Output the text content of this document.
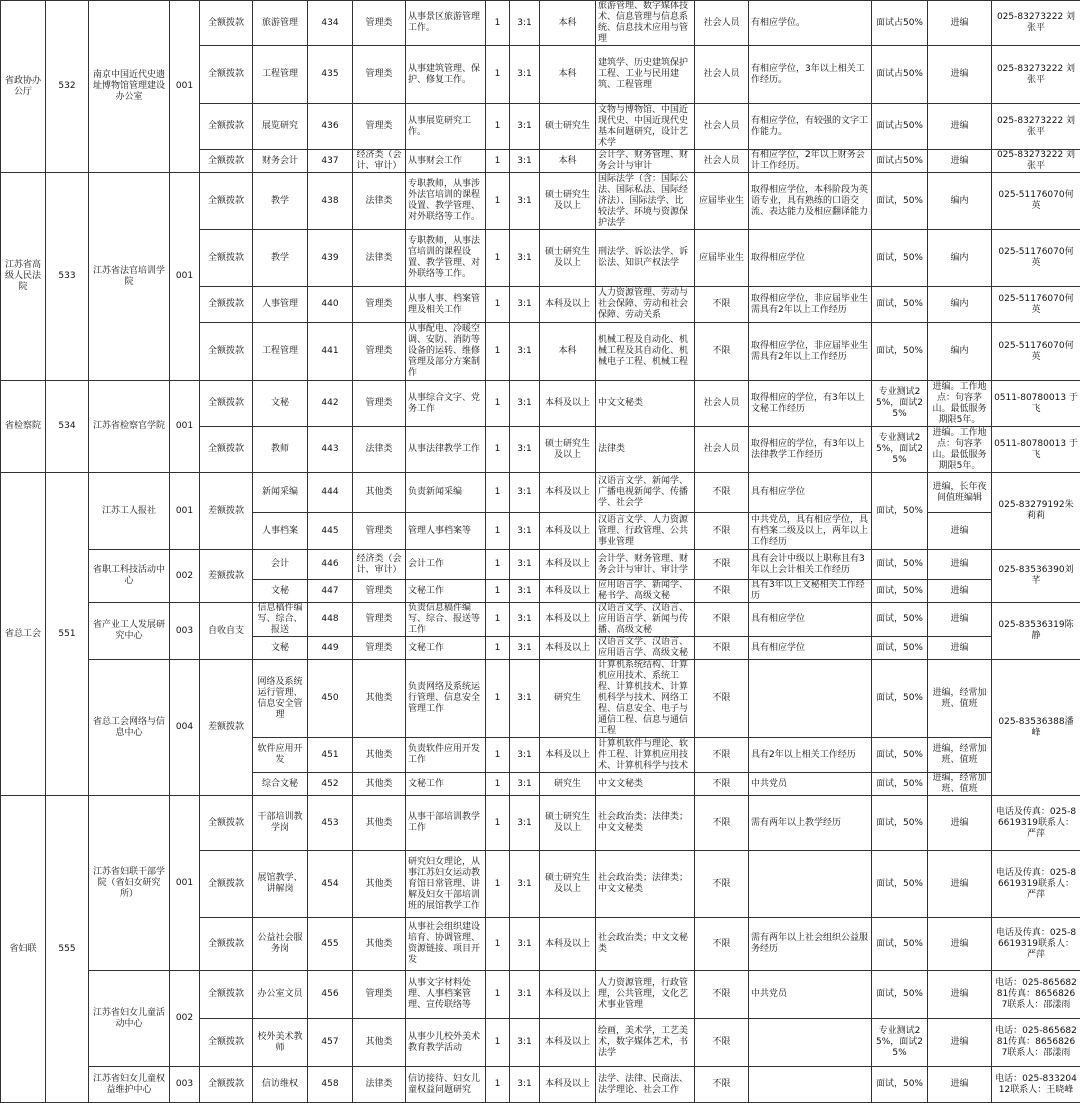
省政协办公厅	532	南京中国近代史遗址博物馆管理建设办公室	001	全额拨款	旅游管理	434	管理类	从事景区旅游管理工作。	1	3:1	本科	旅游管理、数字媒体技术、信息管理与信息系统、信息技术应用与管理	社会人员	有相应学位。	面试占50%	进编	025-83273222 刘张平
				全额拨款	工程管理	435	管理类	从事建筑管理、保护、修复工作。	1	3:1	本科	建筑学、历史建筑保护工程、工业与民用建筑、工程管理	社会人员	有相应学位，3年以上相关工作经历。	面试占50%	进编	025-83273222 刘张平
				全额拨款	展览研究	436	管理类	从事展览研究工作。	1	3:1	硕士研究生	文物与博物馆、中国近现代史、中国近现代史基本问题研究，设计艺术学	社会人员	有相应学位，有较强的文字工作能力。	面试占50%	进编	025-83273222 刘张平
				全额拨款	财务会计	437	经济类（会计、审计）	从事财会工作	1	3:1	本科	会计学、财务管理、财务会计与审计	社会人员	有相应学位，2年以上财务会计工作经历。	面试占50%	进编	025-83273222 刘张平
江苏省高级人民法院	533	江苏省法官培训学院	001	全额拨款	教学	438	法律类	专职教师，从事涉外法官培训的课程设置、教学管理、对外联络等工作。	1	3:1	硕士研究生及以上	国际法学（含：国际公法、国际私法、国际经济法）、国际法学、比较法学、环境与资源保护法学	应届毕业生	取得相应学位，本科阶段为英语专业，具有熟练的口语交流、表达能力及相应翻译能力	面试，50%	编内	025-51176070何英
				全额拨款	教学	439	法律类	专职教师，从事法官培训的课程设置、教学管理、对外联络等工作。	1	3:1	硕士研究生及以上	刑法学、诉讼法学、诉讼法、知识产权法学	应届毕业生	取得相应学位	面试，50%	编内	025-51176070何英
				全额拨款	人事管理	440	管理类	从事人事、档案管理及相关工作	1	3:1	本科及以上	人力资源管理、劳动与社会保障、劳动和社会保障、劳动关系	不限	取得相应学位，非应届毕业生需具有2年以上工作经历	面试，50%	编内	025-51176070何英
				全额拨款	工程管理	441	管理类	从事配电、冷暖空调、安防、消防等设备的运转、维修管理及部分方案制作	1	3:1	本科	机械工程及自动化、机械工程及其自动化、机械电子工程、机械工程	不限	取得相应学位，非应届毕业生需具有2年以上工作经历	面试，50%	编内	025-51176070何英
省检察院	534	江苏省检察官学院	001	全额拨款	文秘	442	管理类	从事综合文字、党务工作	1	3:1	本科及以上	中文文秘类	社会人员	取得相应的学位，有3年以上文秘工作经历	专业测试25%，面试25%	进编。工作地点：句容茅山。最低服务期限5年。	0511-80780013 于飞
				全额拨款	教师	443	法律类	从事法律教学工作	1	3:1	硕士研究生及以上	法律类	社会人员	取得相应的学位，有3年以上法律教学工作经历	专业测试25%，面试25%	进编。工作地点：句容茅山。最低服务期限5年。	0511-80780013 于飞
省总工会	551	江苏工人报社	001	差额拨款	新闻采编	444	其他类	负责新闻采编	1	3:1	本科及以上	汉语言文学、新闻学、广播电视新闻学、传播学、社会学	不限	具有相应学位	面试，50%	进编，长年夜间值班编辑	025-83279192朱莉莉
					人事档案	445	管理类	管理人事档案等	1	3:1	本科及以上	汉语言文学、人力资源管理、行政管理、公共事业管理	不限	中共党员，具有相应学位，具有档案二级及以上，两年以上工作经历		进编	
		省职工科技活动中心	002	差额拨款	会计	446	经济类（会计、审计）	会计工作	1	3:1	本科及以上	会计学、财务管理、财务会计与审计、审计学	不限	具有会计中级以上职称且有3年以上会计相关工作经历	面试，50%	进编	025-83536390刘芊
					文秘	447	管理类	文秘工作	1	3:1	本科及以上	应用语言学、新闻学、秘书学、高级文秘	不限	具有3年以上文秘相关工作经历	面试，50%	进编	
		省产业工人发展研究中心	003	自收自支	信息稿件编写、综合、报送	448	管理类	负责信息稿件编写、综合、报送等工作	1	3:1	本科及以上	汉语言文学、汉语言、应用语言学、新闻与传播、高级文秘	不限	具有相应学位	面试，50%	进编	025-83536319陈静
					文秘	449	管理类	文秘工作	1	3:1	本科及以上	汉语言文学、汉语言、应用语言学、高级文秘	不限	具有相应学位	面试，50%	进编	
		省总工会网络与信息中心	004	差额拨款	网络及系统运行管理、信息安全管理	450	其他类	负责网络及系统运行管理、信息安全管理工作	1	3:1	研究生	计算机系统结构、计算机应用技术、系统工程、计算机技术、计算机科学与技术、网络工程、信息安全、电子与通信工程、信息与通信工程	不限		面试，50%	进编，经常加班、值班	025-83536388潘峰
					软件应用开发	451	其他类	负责软件应用开发工作	1	3:1	本科及以上	计算机软件与理论、软件工程、计算机应用技术、计算机科学与技术	不限	具有2年以上相关工作经历	面试，50%	进编，经常加班、值班	
					综合文秘	452	其他类	文秘工作	1	3:1	研究生	中文文秘类	不限	中共党员	面试，50%	进编，经常加班、值班	
省妇联	555	江苏省妇联干部学院（省妇女研究所）	001	全额拨款	干部培训教学岗	453	其他类	从事干部培训教学工作	1	3:1	硕士研究生及以上	社会政治类；法律类；中文文秘类	不限	需有两年以上教学经历	面试，50%	进编	电话及传真：025-86619319联系人：严萍
				全额拨款	展馆教学、讲解岗	454	其他类	研究妇女理论，从事江苏妇女运动教育馆日常管理、讲解及妇女干部培训班的展馆教学工作	1	3:1	硕士研究生及以上	社会政治类；法律类；中文文秘类	不限		面试，50%	进编	电话及传真：025-86619319联系人：严萍
				全额拨款	公益社会服务岗	455	其他类	从事社会组织建设培育、协调管理、资源链接、项目开发	1	3:1	本科及以上	社会政治类；中文文秘类	不限	需有两年以上社会组织公益服务经历	面试，50%	进编	电话及传真：025-86619319联系人：严萍
		江苏省妇女儿童活动中心	002	全额拨款	办公室文员	456	管理类	从事文字材料处理、人事档案管理、宣传联络等	1	3:1	本科及以上	人力资源管理，行政管理，公共管理，文化艺术事业管理	不限	中共党员	面试，50%	进编	电话：025-86568281传真：86568267联系人：邵漾雨
				全额拨款	校外美术教师	457	其他类	从事少儿校外美术教育教学活动	1	3:1	本科及以上	绘画，美术学，工艺美术，数字媒体艺术，书法学	不限		专业测试25%，面试25%	进编	电话：025-86568281传真：86568267联系人：邵漾雨
		江苏省妇女儿童权益维护中心	003	全额拨款	信访维权	458	法律类	信访接待、妇女儿童权益问题研究	1	3:1	本科及以上	法学、法律、民商法、法学理论、社会工作	不限		面试，50%	进编	电话：025-83320412联系人：王晓峰
